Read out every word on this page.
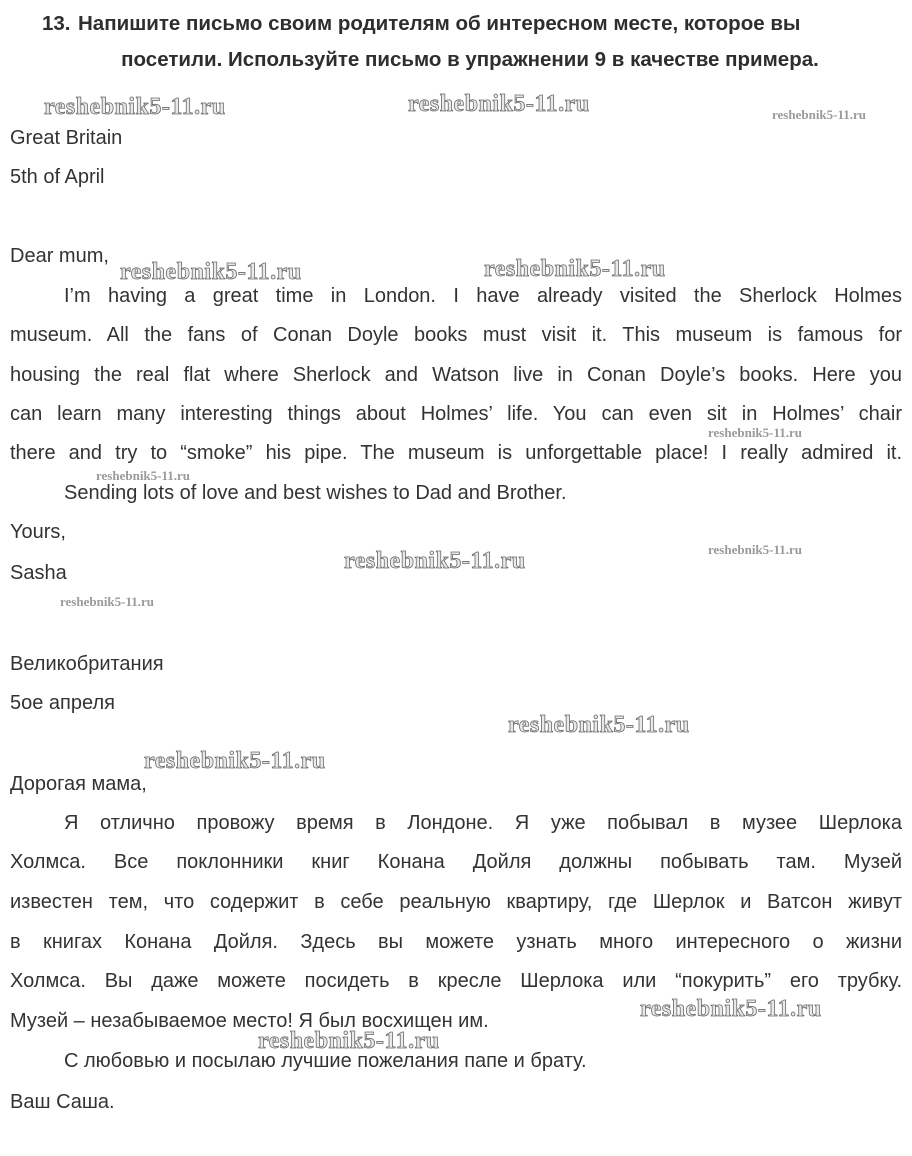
13. Напишите письмо своим родителям об интересном месте, которое вы
посетили. Используйте письмо в упражнении 9 в качестве примера.
Great Britain
5th of April
Dear mum,
I’m having a great time in London. I have already visited the Sherlock Holmes
museum. All the fans of Conan Doyle books must visit it. This museum is famous for
housing the real flat where Sherlock and Watson live in Conan Doyle’s books. Here you
can learn many interesting things about Holmes’ life. You can even sit in Holmes’ chair
there and try to “smoke” his pipe. The museum is unforgettable place! I really admired it.
Sending lots of love and best wishes to Dad and Brother.
Yours,
Sasha
Великобритания
5ое апреля
Дорогая мама,
Я отлично провожу время в Лондоне. Я уже побывал в музее Шерлока
Холмса. Все поклонники книг Конана Дойля должны побывать там. Музей
известен тем, что содержит в себе реальную квартиру, где Шерлок и Ватсон живут
в книгах Конана Дойля. Здесь вы можете узнать много интересного о жизни
Холмса. Вы даже можете посидеть в кресле Шерлока или “покурить” его трубку.
Музей – незабываемое место! Я был восхищен им.
С любовью и посылаю лучшие пожелания папе и брату.
Ваш Саша.
reshebnik5-11.ru	reshebnik5-11.ru	reshebnik5-11.ru
reshebnik5-11.ru	reshebnik5-11.ru
reshebnik5-11.ru
reshebnik5-11.ru
reshebnik5-11.ru	reshebnik5-11.ru
reshebnik5-11.ru
reshebnik5-11.ru
reshebnik5-11.ru
reshebnik5-11.ru
reshebnik5-11.ru
